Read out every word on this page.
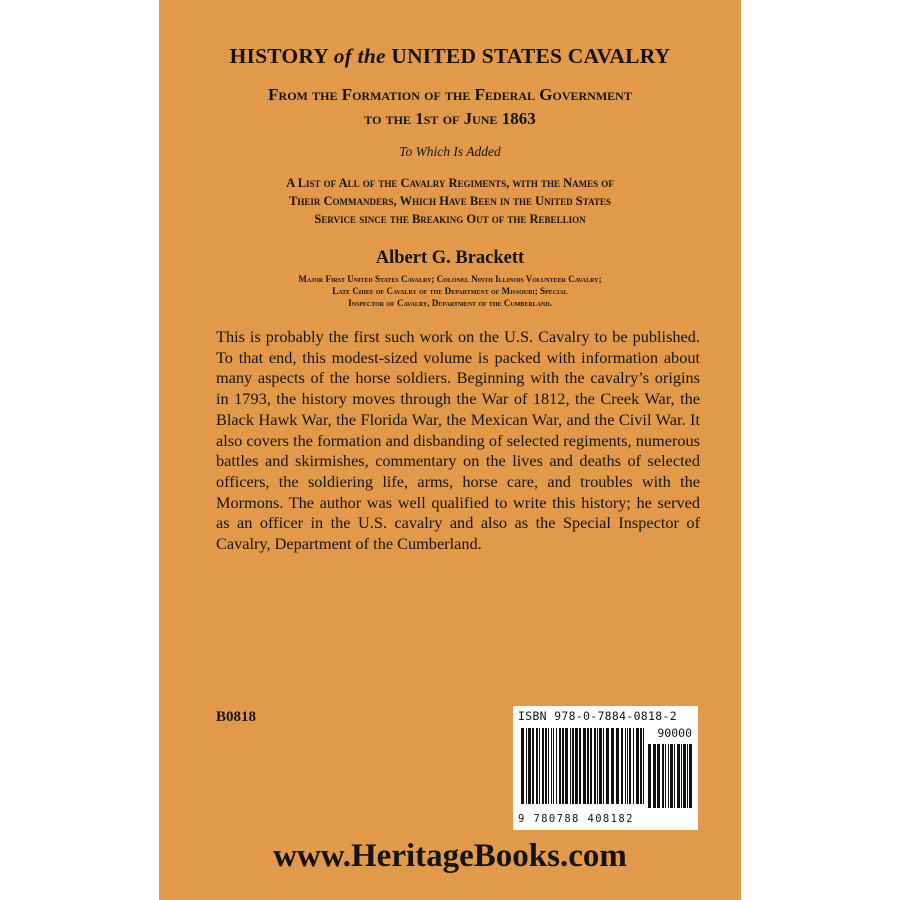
HISTORY of the UNITED STATES CAVALRY
From the Formation of the Federal Government
to the 1st of June 1863
To Which Is Added
A List of All of the Cavalry Regiments, with the Names of
Their Commanders, Which Have Been in the United States
Service since the Breaking Out of the Rebellion
Albert G. Brackett
Major First United States Cavalry; Colonel Ninth Illinois Volunteer Cavalry;
Late Chief of Cavalry of the Department of Missouri; Special
Inspector of Cavalry, Department of the Cumberland.

This is probably the first such work on the U.S. Cavalry to be published. To that end, this modest-sized volume is packed with information about many aspects of the horse soldiers. Beginning with the cavalry’s origins in 1793, the history moves through the War of 1812, the Creek War, the Black Hawk War, the Florida War, the Mexican War, and the Civil War. It also covers the formation and disbanding of selected regiments, numerous battles and skirmishes, commentary on the lives and deaths of selected officers, the soldiering life, arms, horse care, and troubles with the Mormons. The author was well qualified to write this history; he served as an officer in the U.S. cavalry and also as the Special Inspector of Cavalry, Department of the Cumberland.

B0818	ISBN 978-0-7884-0818-2
90000
9 780788 408182
www.HeritageBooks.com
